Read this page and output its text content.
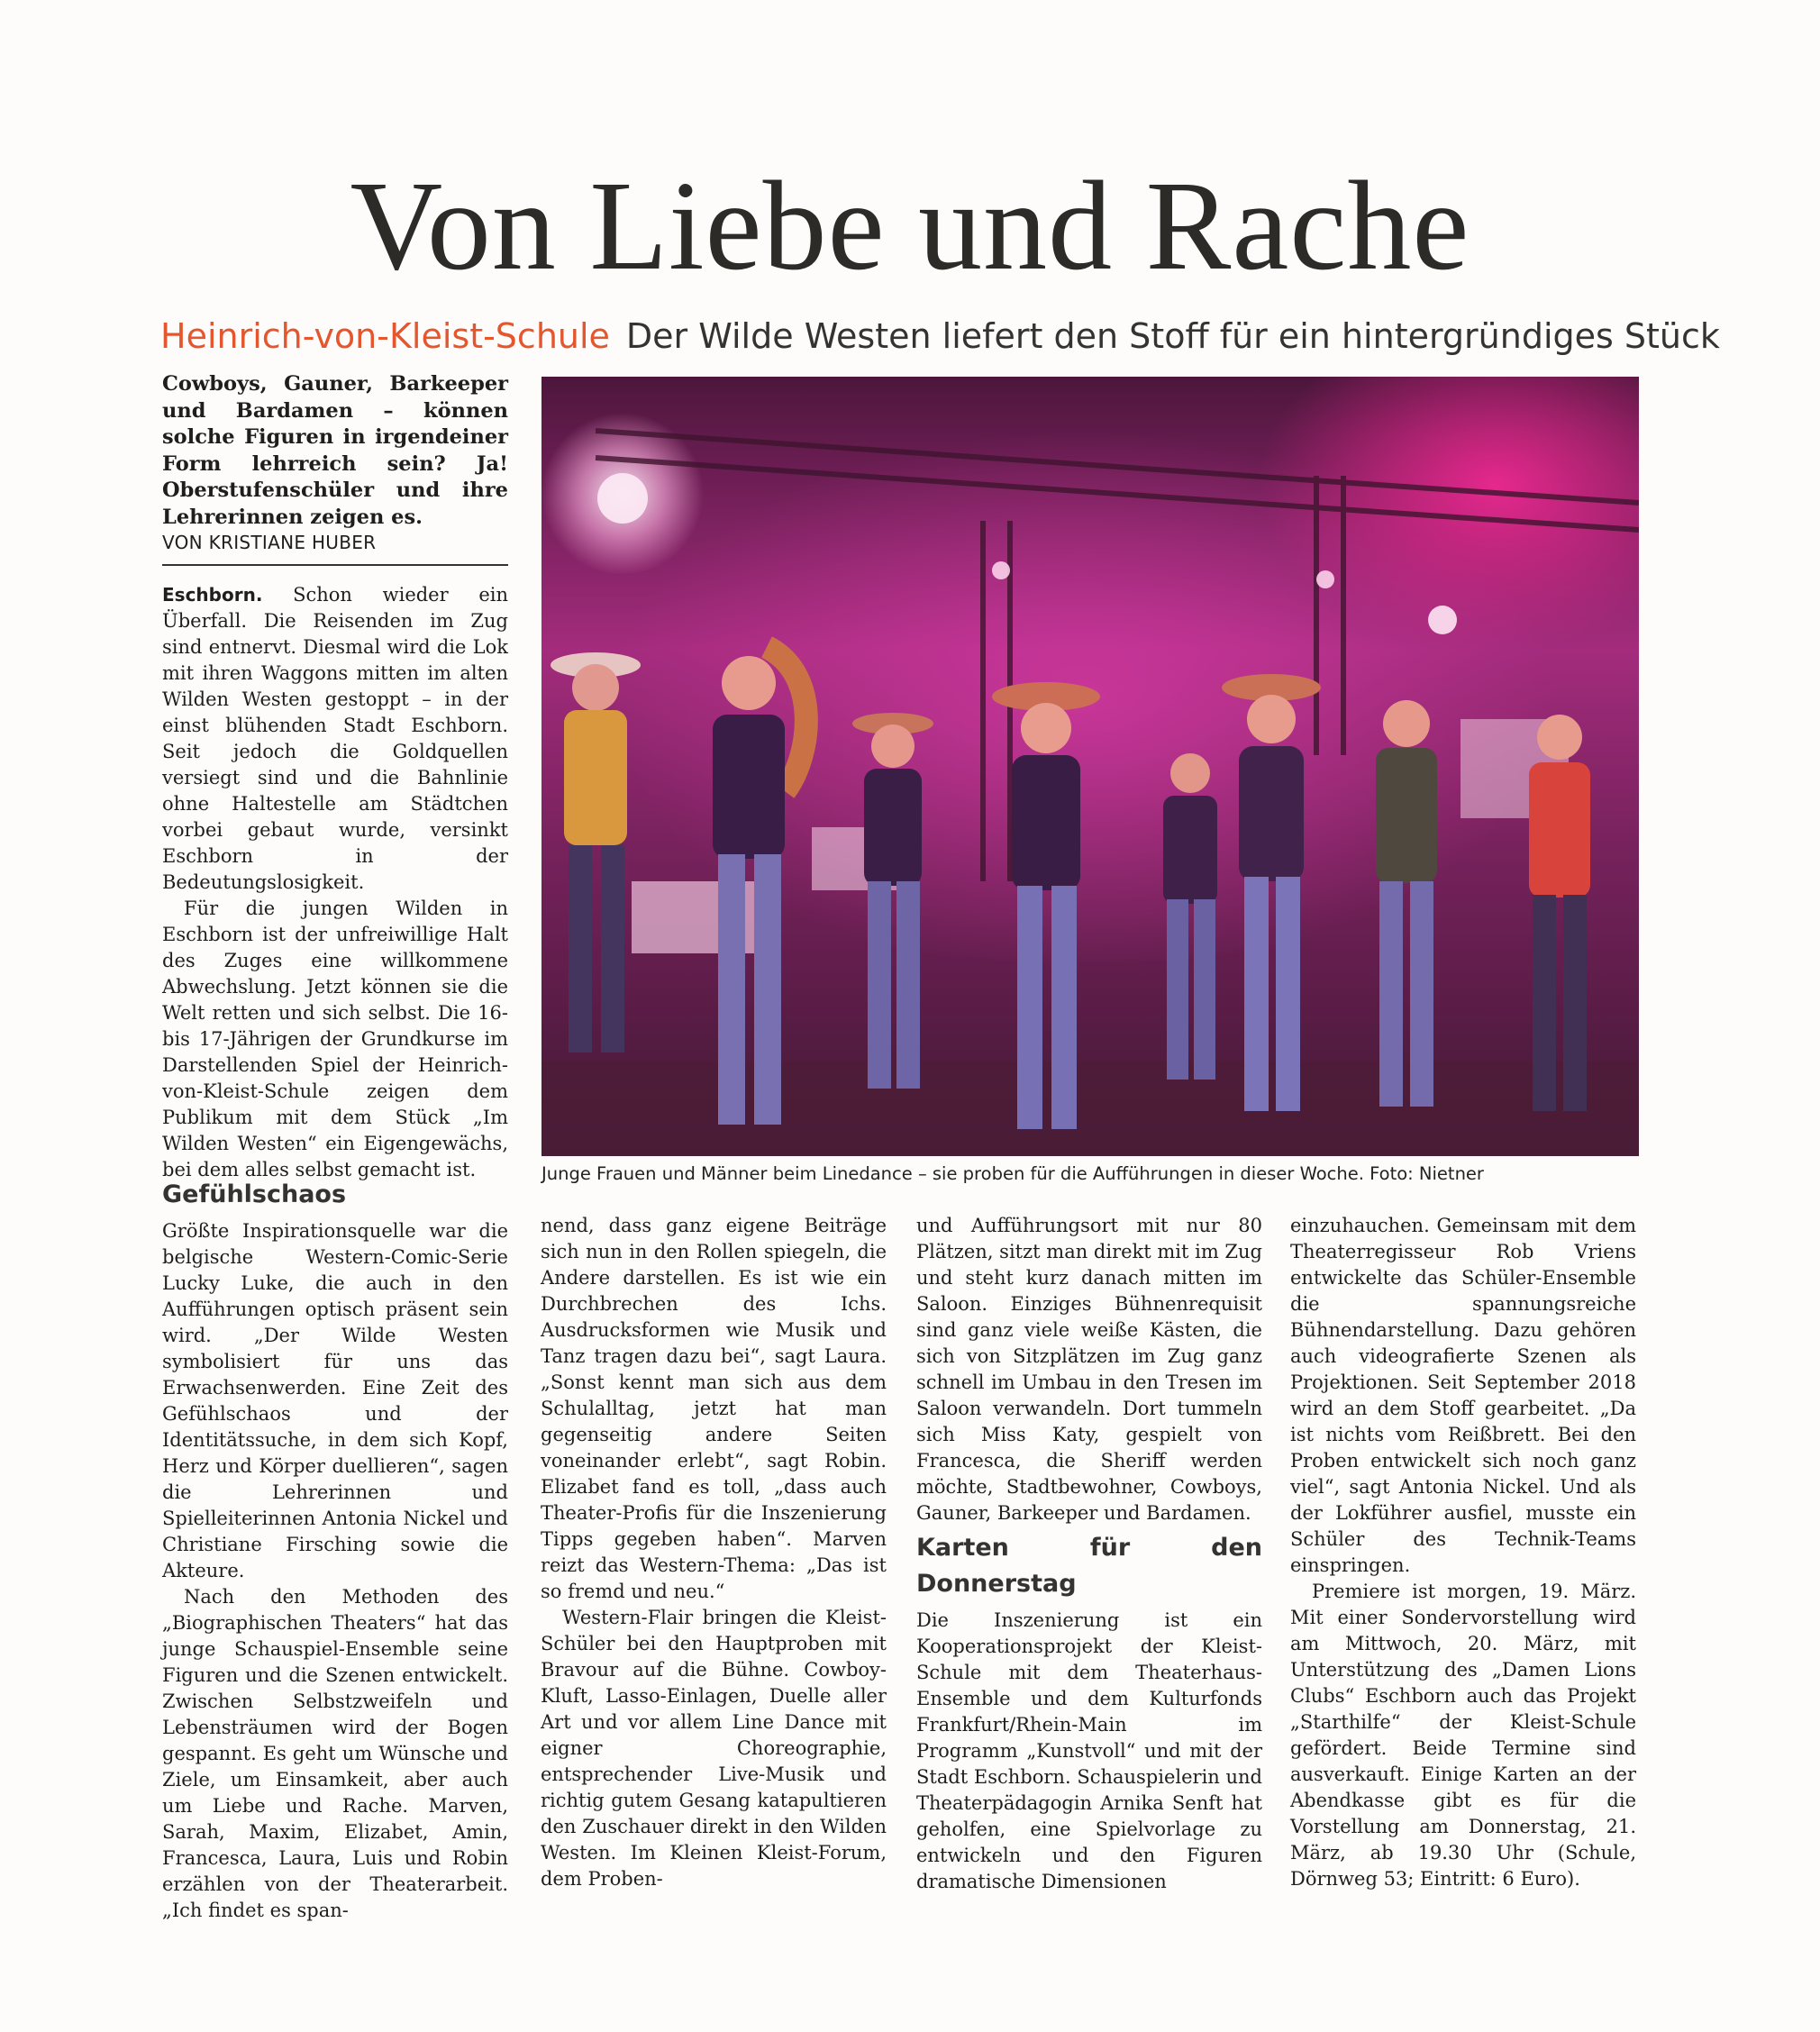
Von Liebe und Rache
Heinrich-von-Kleist-Schule Der Wilde Westen liefert den Stoff für ein hintergründiges Stück
Cowboys, Gauner, Barkeeper und Bardamen – können solche Figuren in irgendeiner Form lehrreich sein? Ja! Oberstufenschüler und ihre Lehrerinnen zeigen es.
VON KRISTIANE HUBER

Eschborn. Schon wieder ein Überfall. Die Reisenden im Zug sind entnervt. Diesmal wird die Lok mit ihren Waggons mitten im alten Wilden Westen gestoppt – in der einst blühenden Stadt Eschborn. Seit jedoch die Goldquellen versiegt sind und die Bahnlinie ohne Haltestelle am Städtchen vorbei gebaut wurde, versinkt Eschborn in der Bedeutungslosigkeit.

Für die jungen Wilden in Eschborn ist der unfreiwillige Halt des Zuges eine willkommene Abwechslung. Jetzt können sie die Welt retten und sich selbst. Die 16- bis 17-Jährigen der Grundkurse im Darstellenden Spiel der Heinrich-von-Kleist-Schule zeigen dem Publikum mit dem Stück „Im Wilden Westen“ ein Eigengewächs, bei dem alles selbst gemacht ist.

Gefühlschaos

Größte Inspirationsquelle war die belgische Western-Comic-Serie Lucky Luke, die auch in den Aufführungen optisch präsent sein wird. „Der Wilde Westen symbolisiert für uns das Erwachsenwerden. Eine Zeit des Gefühlschaos und der Identitätssuche, in dem sich Kopf, Herz und Körper duellieren“, sagen die Lehrerinnen und Spielleiterinnen Antonia Nickel und Christiane Firsching sowie die Akteure.

Nach den Methoden des „Biographischen Theaters“ hat das junge Schauspiel-Ensemble seine Figuren und die Szenen entwickelt. Zwischen Selbstzweifeln und Lebensträumen wird der Bogen gespannt. Es geht um Wünsche und Ziele, um Einsamkeit, aber auch um Liebe und Rache. Marven, Sarah, Maxim, Elizabet, Amin, Francesca, Laura, Luis und Robin erzählen von der Theaterarbeit. „Ich findet es span-

nend, dass ganz eigene Beiträge sich nun in den Rollen spiegeln, die Andere darstellen. Es ist wie ein Durchbrechen des Ichs. Ausdrucksformen wie Musik und Tanz tragen dazu bei“, sagt Laura. „Sonst kennt man sich aus dem Schulalltag, jetzt hat man gegenseitig andere Seiten voneinander erlebt“, sagt Robin. Elizabet fand es toll, „dass auch Theater-Profis für die Inszenierung Tipps gegeben haben“. Marven reizt das Western-Thema: „Das ist so fremd und neu.“

Western-Flair bringen die Kleist-Schüler bei den Hauptproben mit Bravour auf die Bühne. Cowboy-Kluft, Lasso-Einlagen, Duelle aller Art und vor allem Line Dance mit eigner Choreographie, entsprechender Live-Musik und richtig gutem Gesang katapultieren den Zuschauer direkt in den Wilden Westen. Im Kleinen Kleist-Forum, dem Proben-

und Aufführungsort mit nur 80 Plätzen, sitzt man direkt mit im Zug und steht kurz danach mitten im Saloon. Einziges Bühnenrequisit sind ganz viele weiße Kästen, die sich von Sitzplätzen im Zug ganz schnell im Umbau in den Tresen im Saloon verwandeln. Dort tummeln sich Miss Katy, gespielt von Francesca, die Sheriff werden möchte, Stadtbewohner, Cowboys, Gauner, Barkeeper und Bardamen.

Karten für den Donnerstag

Die Inszenierung ist ein Kooperationsprojekt der Kleist-Schule mit dem Theaterhaus-Ensemble und dem Kulturfonds Frankfurt/Rhein-Main im Programm „Kunstvoll“ und mit der Stadt Eschborn. Schauspielerin und Theaterpädagogin Arnika Senft hat geholfen, eine Spielvorlage zu entwickeln und den Figuren dramatische Dimensionen

einzuhauchen. Gemeinsam mit dem Theaterregisseur Rob Vriens entwickelte das Schüler-Ensemble die spannungsreiche Bühnendarstellung. Dazu gehören auch videografierte Szenen als Projektionen. Seit September 2018 wird an dem Stoff gearbeitet. „Da ist nichts vom Reißbrett. Bei den Proben entwickelt sich noch ganz viel“, sagt Antonia Nickel. Und als der Lokführer ausfiel, musste ein Schüler des Technik-Teams einspringen.

Premiere ist morgen, 19. März. Mit einer Sondervorstellung wird am Mittwoch, 20. März, mit Unterstützung des „Damen Lions Clubs“ Eschborn auch das Projekt „Starthilfe“ der Kleist-Schule gefördert. Beide Termine sind ausverkauft. Einige Karten an der Abendkasse gibt es für die Vorstellung am Donnerstag, 21. März, ab 19.30 Uhr (Schule, Dörnweg 53; Eintritt: 6 Euro).

Junge Frauen und Männer beim Linedance – sie proben für die Aufführungen in dieser Woche. Foto: Nietner
